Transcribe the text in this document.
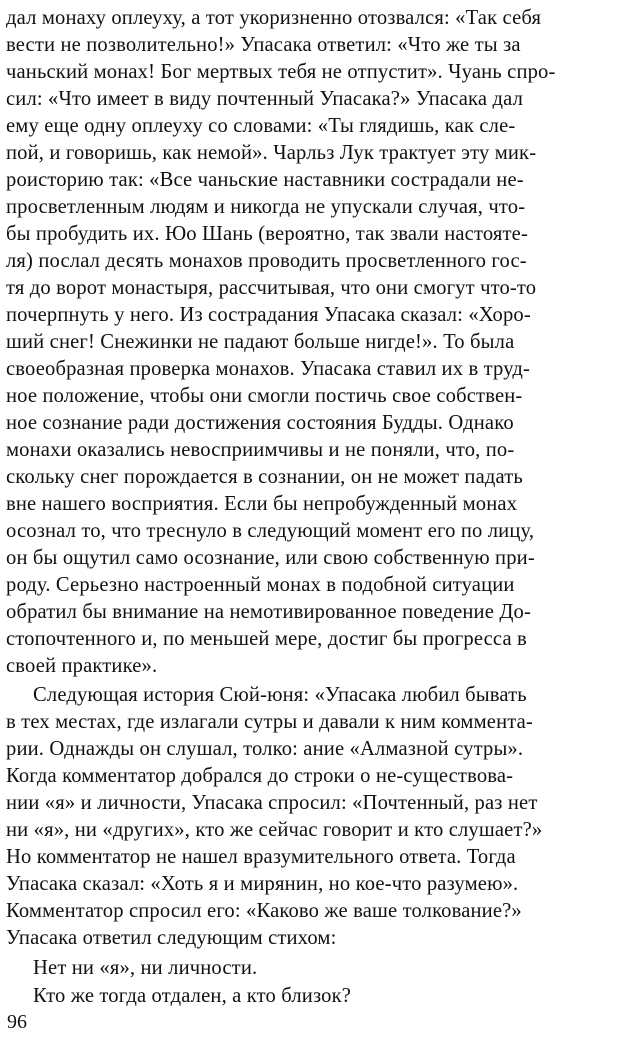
дал монаху оплеуху, а тот укоризненно отозвался: «Так себя
вести не позволительно!» Упасака ответил: «Что же ты за
чаньский монах! Бог мертвых тебя не отпустит». Чуань спро-
сил: «Что имеет в виду почтенный Упасака?» Упасака дал
ему еще одну оплеуху со словами: «Ты глядишь, как сле-
пой, и говоришь, как немой». Чарльз Лук трактует эту мик-
роисторию так: «Все чаньские наставники сострадали не-
просветленным людям и никогда не упускали случая, что-
бы пробудить их. Юо Шань (вероятно, так звали настояте-
ля) послал десять монахов проводить просветленного гос-
тя до ворот монастыря, рассчитывая, что они смогут что-то
почерпнуть у него. Из сострадания Упасака сказал: «Хоро-
ший снег! Снежинки не падают больше нигде!». То была
своеобразная проверка монахов. Упасака ставил их в труд-
ное положение, чтобы они смогли постичь свое собствен-
ное сознание ради достижения состояния Будды. Однако
монахи оказались невосприимчивы и не поняли, что, по-
скольку снег порождается в сознании, он не может падать
вне нашего восприятия. Если бы непробужденный монах
осознал то, что треснуло в следующий момент его по лицу,
он бы ощутил само осознание, или свою собственную при-
роду. Серьезно настроенный монах в подобной ситуации
обратил бы внимание на немотивированное поведение До-
стопочтенного и, по меньшей мере, достиг бы прогресса в
своей практике».
Следующая история Сюй-юня: «Упасака любил бывать
в тех местах, где излагали сутры и давали к ним коммента-
рии. Однажды он слушал, толко: ание «Алмазной сутры».
Когда комментатор добрался до строки о не-существова-
нии «я» и личности, Упасака спросил: «Почтенный, раз нет
ни «я», ни «других», кто же сейчас говорит и кто слушает?»
Но комментатор не нашел вразумительного ответа. Тогда
Упасака сказал: «Хоть я и мирянин, но кое-что разумею».
Комментатор спросил его: «Каково же ваше толкование?»
Упасака ответил следующим стихом:
Нет ни «я», ни личности.
Кто же тогда отдален, а кто близок?
96
